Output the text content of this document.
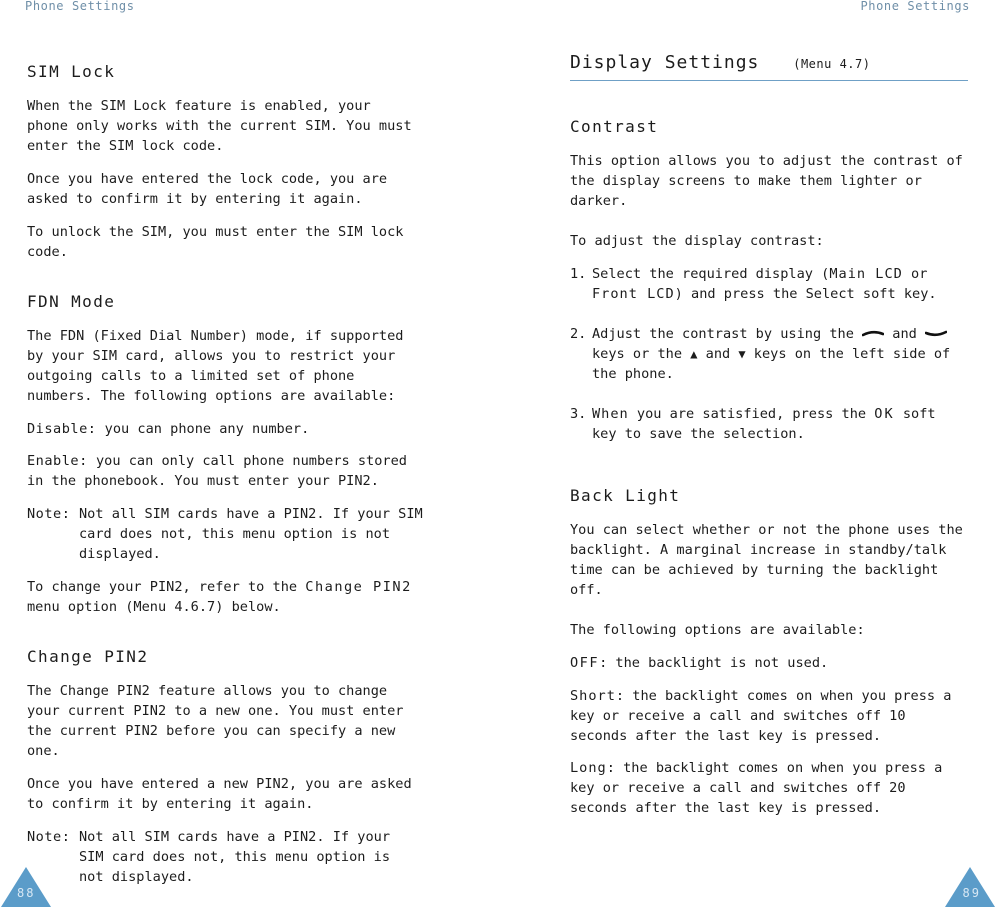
Phone Settings	Phone Settings
SIM Lock

When the SIM Lock feature is enabled, your phone only works with the current SIM. You must enter the SIM lock code.

Once you have entered the lock code, you are asked to confirm it by entering it again.

To unlock the SIM, you must enter the SIM lock code.

FDN Mode

The FDN (Fixed Dial Number) mode, if supported by your SIM card, allows you to restrict your outgoing calls to a limited set of phone numbers. The following options are available:

Disable: you can phone any number.

Enable: you can only call phone numbers stored in the phonebook. You must enter your PIN2.

Note: Not all SIM cards have a PIN2. If your SIM card does not, this menu option is not displayed.

To change your PIN2, refer to the Change PIN2 menu option (Menu 4.6.7) below.

Change PIN2

The Change PIN2 feature allows you to change your current PIN2 to a new one. You must enter the current PIN2 before you can specify a new one.

Once you have entered a new PIN2, you are asked to confirm it by entering it again.

Note: Not all SIM cards have a PIN2. If your SIM card does not, this menu option is not displayed.

Display Settings	(Menu 4.7)
Contrast

This option allows you to adjust the contrast of the display screens to make them lighter or darker.

To adjust the display contrast:

1. Select the required display (Main LCD or Front LCD) and press the Select soft key.
2. Adjust the contrast by using the  and  keys or the ▲ and ▼ keys on the left side of the phone.
3. When you are satisfied, press the OK soft key to save the selection.
Back Light

You can select whether or not the phone uses the backlight. A marginal increase in standby/talk time can be achieved by turning the backlight off.

The following options are available:

OFF: the backlight is not used.

Short: the backlight comes on when you press a key or receive a call and switches off 10 seconds after the last key is pressed.

Long: the backlight comes on when you press a key or receive a call and switches off 20 seconds after the last key is pressed.

88	89
